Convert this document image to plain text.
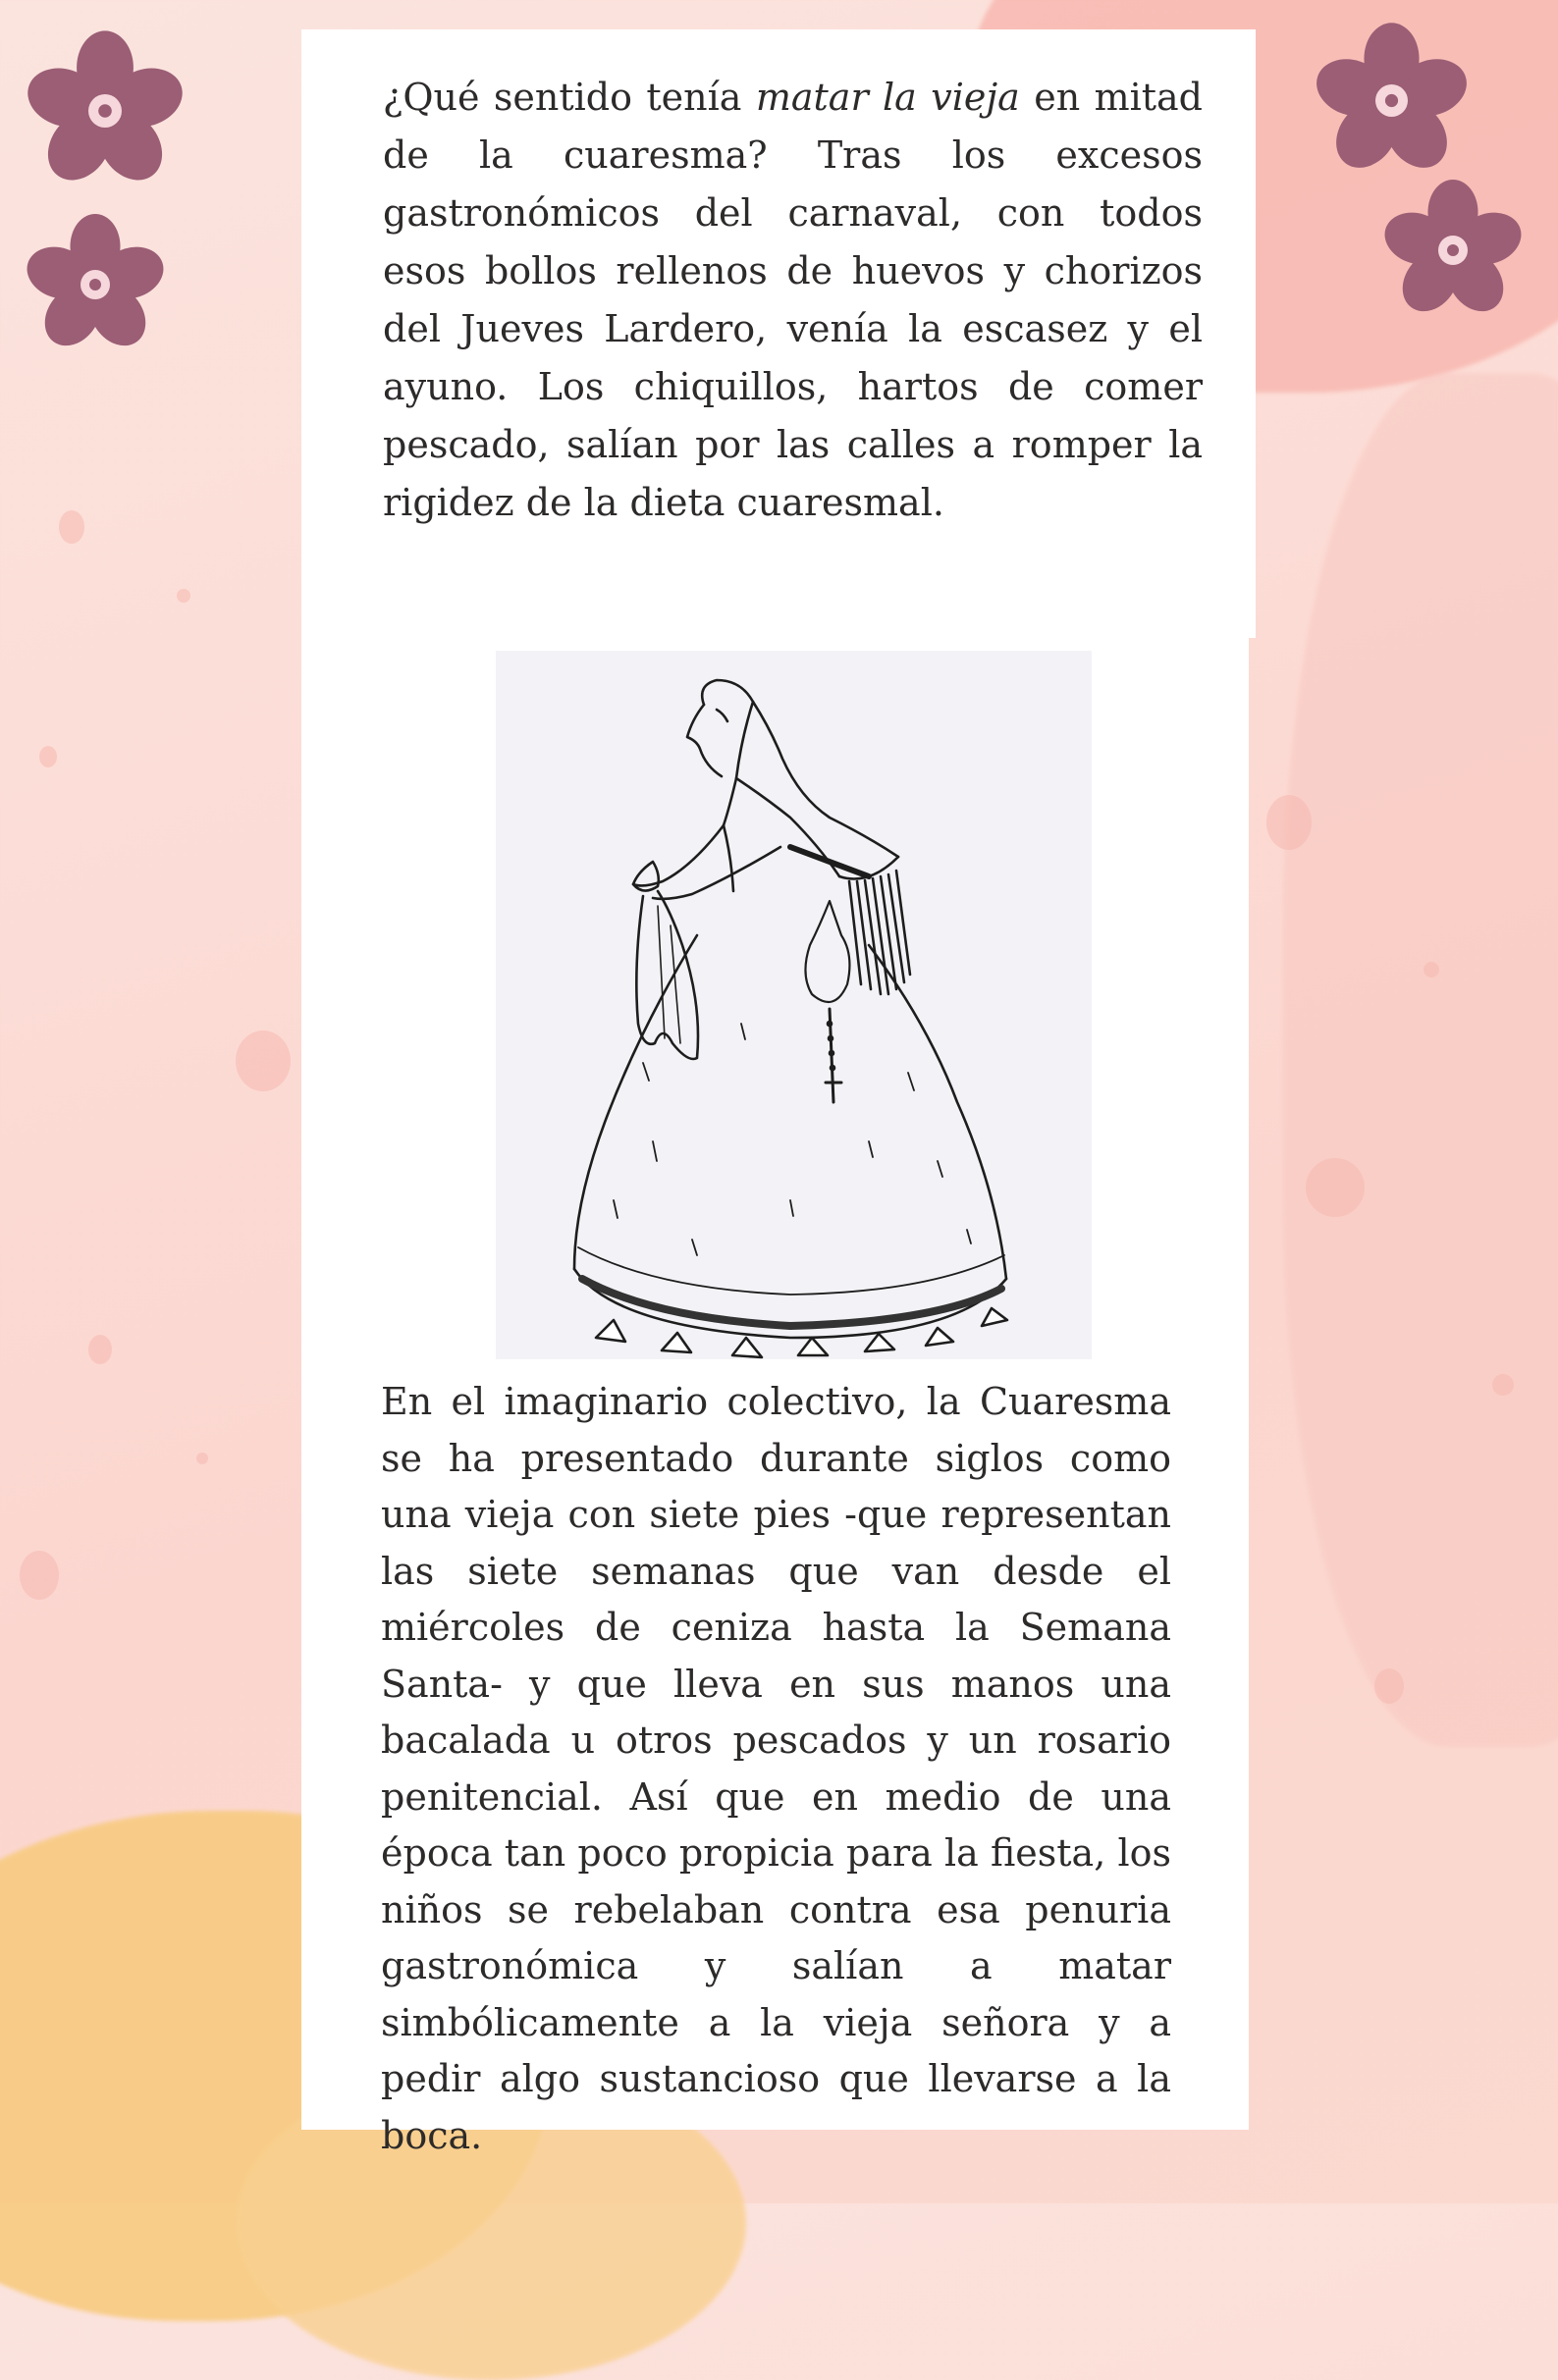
¿Qué sentido tenía matar la vieja en mitad de la cuaresma? Tras los excesos gastronómicos del carnaval, con todos esos bollos rellenos de huevos y chorizos del Jueves Lardero, venía la escasez y el ayuno. Los chiquillos, hartos de comer pescado, salían por las calles a romper la rigidez de la dieta cuaresmal.

En el imaginario colectivo, la Cuaresma se ha presentado durante siglos como una vieja con siete pies -que representan las siete semanas que van desde el miércoles de ceniza hasta la Semana Santa- y que lleva en sus manos una bacalada u otros pescados y un rosario penitencial. Así que en medio de una época tan poco propicia para la fiesta, los niños se rebelaban contra esa penuria gastronómica y salían a matar simbólicamente a la vieja señora y a pedir algo sustancioso que llevarse a la boca.
